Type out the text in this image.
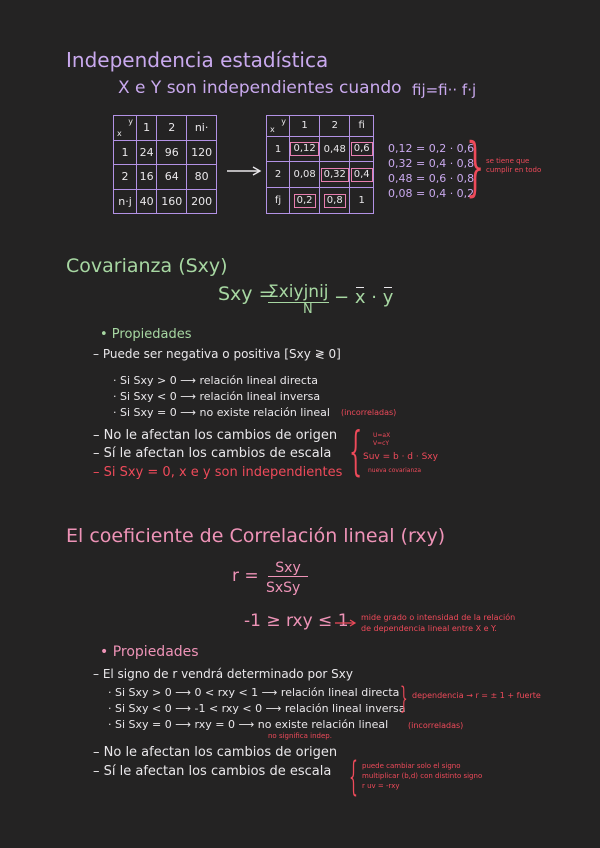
Independencia estadística
X e Y son independientes cuando fij=fi·· f·j
x
y	1	2	ni·
1	24	96	120
2	16	64	80
n·j	40	160	200
x
y	1	2	fi
1	0,12	0,48	0,6
2	0,08	0,32	0,4
fj	0,2	0,8	1
0,12 = 0,2 · 0,6
0,32 = 0,4 · 0,8
0,48 = 0,6 · 0,8
0,08 = 0,4 · 0,2
} se tiene que
cumplir en todo
Covarianza (Sxy)
Sxy =
Σxiyjnij
N
− x · y
• Propiedades
– Puede ser negativa o positiva [Sxy ≷ 0]
· Si Sxy > 0 ⟶ relación lineal directa
· Si Sxy < 0 ⟶ relación lineal inversa
· Si Sxy = 0 ⟶ no existe relación lineal (incorreladas)
– No le afectan los cambios de origen
– Sí le afectan los cambios de escala
– Si Sxy = 0, x e y son independientes { U=aX
V=cY
Suv = b · d · Sxy
nueva covarianza
El coeficiente de Correlación lineal (rxy)
r =	Sxy
SxSy
-1 ≥ rxy ≤ 1 mide grado o intensidad de la relación
de dependencia lineal entre X e Y.
• Propiedades
– El signo de r vendrá determinado por Sxy
· Si Sxy > 0 ⟶ 0 < rxy < 1 ⟶ relación lineal directa
· Si Sxy < 0 ⟶ -1 < rxy < 0 ⟶ relación lineal inversa
· Si Sxy = 0 ⟶ rxy = 0 ⟶ no existe relación lineal (incorreladas)
no significa indep.
} dependencia → r = ± 1 + fuerte
– No le afectan los cambios de origen
– Sí le afectan los cambios de escala { puede cambiar solo el signo
multiplicar (b,d) con distinto signo
r uv = -rxy
